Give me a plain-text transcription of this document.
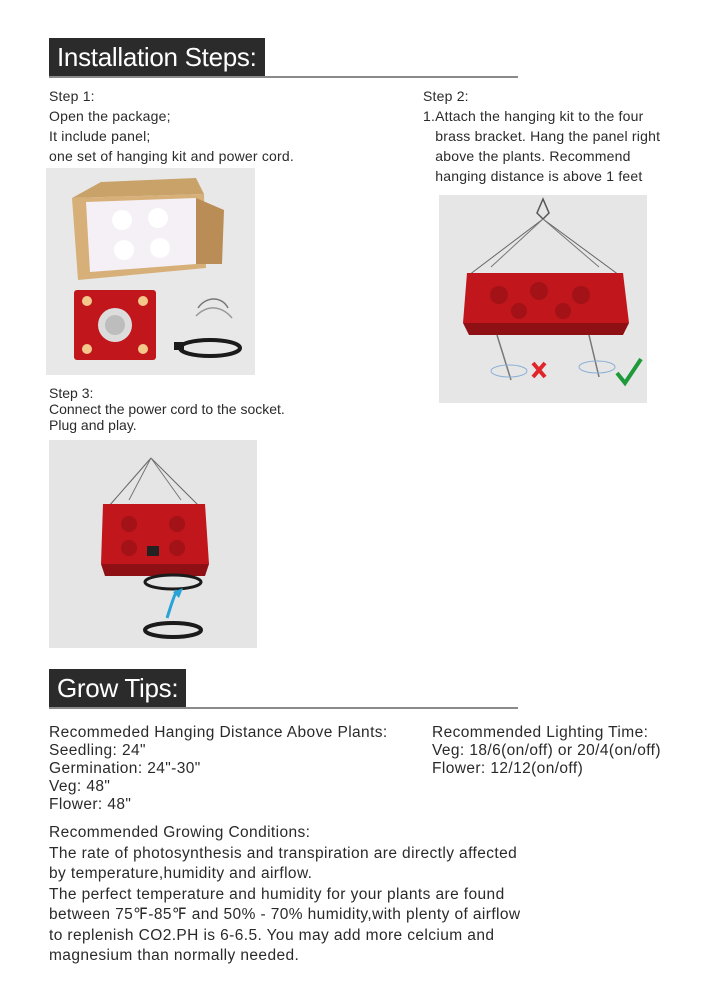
Installation Steps:
Step 1:
Open the package;
It include panel;
one set of hanging kit and power cord.
Step 2:
1.Attach the hanging kit to the four
brass bracket. Hang the panel right
above the plants. Recommend
hanging distance is above 1 feet
Step 3:
Connect the power cord to the socket.
Plug and play.
Grow Tips:
Recommeded Hanging Distance Above Plants:
Seedling: 24"
Germination: 24"-30"
Veg: 48"
Flower: 48"
Recommended Lighting Time:
Veg: 18/6(on/off) or 20/4(on/off)
Flower: 12/12(on/off)
Recommended Growing Conditions:
The rate of photosynthesis and transpiration are directly affected
by temperature,humidity and airflow.
The perfect temperature and humidity for your plants are found
between 75℉-85℉ and 50% - 70% humidity,with plenty of airflow
to replenish CO2.PH is 6-6.5. You may add more celcium and
magnesium than normally needed.
